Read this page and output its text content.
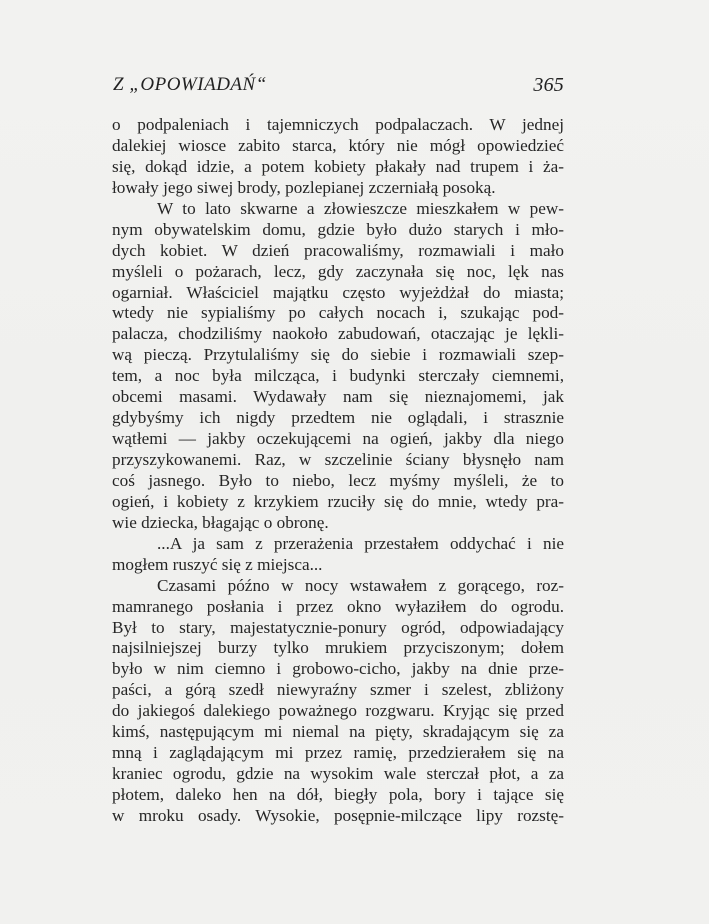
Z „OPOWIADAŃ“	365
o podpaleniach i tajemniczych podpalaczach. W jednej
dalekiej wiosce zabito starca, który nie mógł opowiedzieć
się, dokąd idzie, a potem kobiety płakały nad trupem i ża-
łowały jego siwej brody, pozlepianej zczerniałą posoką.
W to lato skwarne a złowieszcze mieszkałem w pew-
nym obywatelskim domu, gdzie było dużo starych i mło-
dych kobiet. W dzień pracowaliśmy, rozmawiali i mało
myśleli o pożarach, lecz, gdy zaczynała się noc, lęk nas
ogarniał. Właściciel majątku często wyjeżdżał do miasta;
wtedy nie sypialiśmy po całych nocach i, szukając pod-
palacza, chodziliśmy naokoło zabudowań, otaczając je lękli-
wą pieczą. Przytulaliśmy się do siebie i rozmawiali szep-
tem, a noc była milcząca, i budynki sterczały ciemnemi,
obcemi masami. Wydawały nam się nieznajomemi, jak
gdybyśmy ich nigdy przedtem nie oglądali, i strasznie
wątłemi — jakby oczekującemi na ogień, jakby dla niego
przyszykowanemi. Raz, w szczelinie ściany błysnęło nam
coś jasnego. Było to niebo, lecz myśmy myśleli, że to
ogień, i kobiety z krzykiem rzuciły się do mnie, wtedy pra-
wie dziecka, błagając o obronę.
...A ja sam z przerażenia przestałem oddychać i nie
mogłem ruszyć się z miejsca...
Czasami późno w nocy wstawałem z gorącego, roz-
mamranego posłania i przez okno wyłaziłem do ogrodu.
Był to stary, majestatycznie-ponury ogród, odpowiadający
najsilniejszej burzy tylko mrukiem przyciszonym; dołem
było w nim ciemno i grobowo-cicho, jakby na dnie prze-
paści, a górą szedł niewyraźny szmer i szelest, zbliżony
do jakiegoś dalekiego poważnego rozgwaru. Kryjąc się przed
kimś, następującym mi niemal na pięty, skradającym się za
mną i zaglądającym mi przez ramię, przedzierałem się na
kraniec ogrodu, gdzie na wysokim wale sterczał płot, a za
płotem, daleko hen na dół, biegły pola, bory i tające się
w mroku osady. Wysokie, posępnie-milczące lipy rozstę-
